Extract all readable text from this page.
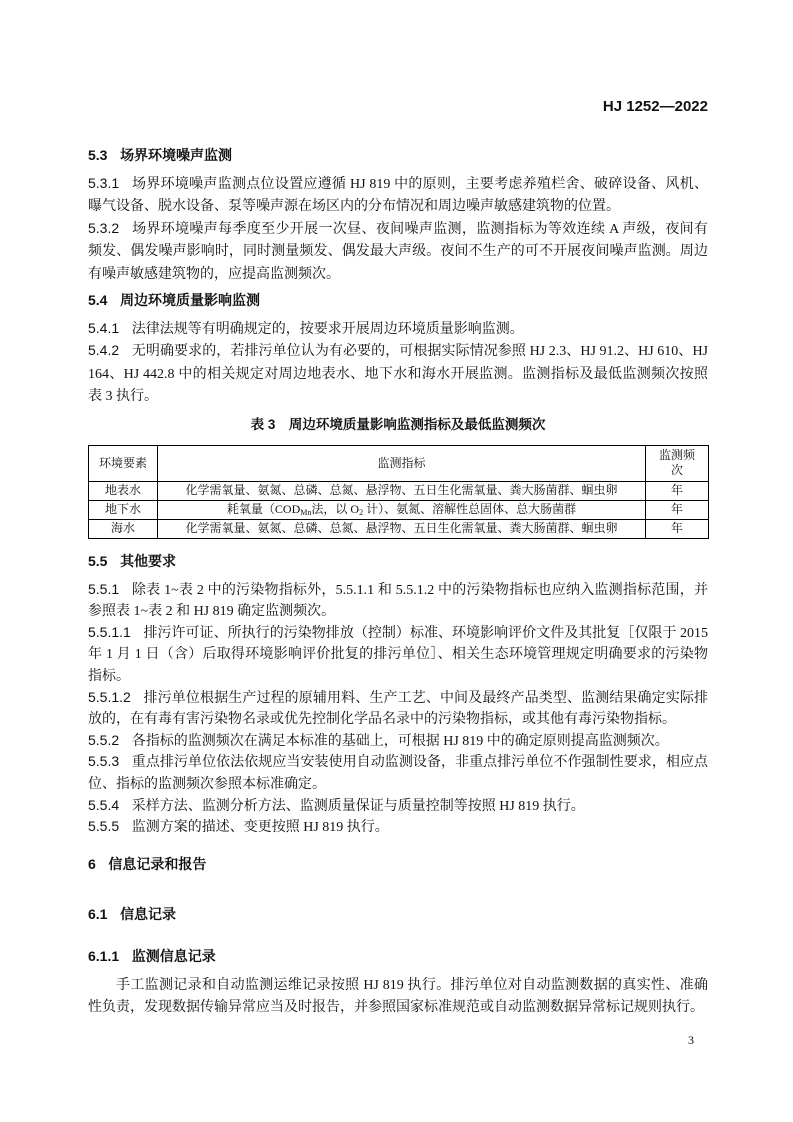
HJ 1252—2022
5.3 场界环境噪声监测
5.3.1 场界环境噪声监测点位设置应遵循 HJ 819 中的原则，主要考虑养殖栏舍、破碎设备、风机、曝气设备、脱水设备、泵等噪声源在场区内的分布情况和周边噪声敏感建筑物的位置。
5.3.2 场界环境噪声每季度至少开展一次昼、夜间噪声监测，监测指标为等效连续 A 声级，夜间有频发、偶发噪声影响时，同时测量频发、偶发最大声级。夜间不生产的可不开展夜间噪声监测。周边有噪声敏感建筑物的，应提高监测频次。
5.4 周边环境质量影响监测
5.4.1 法律法规等有明确规定的，按要求开展周边环境质量影响监测。
5.4.2 无明确要求的，若排污单位认为有必要的，可根据实际情况参照 HJ 2.3、HJ 91.2、HJ 610、HJ 164、HJ 442.8 中的相关规定对周边地表水、地下水和海水开展监测。监测指标及最低监测频次按照表 3 执行。
表 3 周边环境质量影响监测指标及最低监测频次
环境要素	监测指标	监测频次
地表水	化学需氧量、氨氮、总磷、总氮、悬浮物、五日生化需氧量、粪大肠菌群、蛔虫卵	年
地下水	耗氧量（$COD_{Mn}$法，以 $O_2$ 计）、氨氮、溶解性总固体、总大肠菌群	年
海水	化学需氧量、氨氮、总磷、总氮、悬浮物、五日生化需氧量、粪大肠菌群、蛔虫卵	年
5.5 其他要求
5.5.1 除表 1~表 2 中的污染物指标外，5.5.1.1 和 5.5.1.2 中的污染物指标也应纳入监测指标范围，并参照表 1~表 2 和 HJ 819 确定监测频次。
5.5.1.1 排污许可证、所执行的污染物排放（控制）标准、环境影响评价文件及其批复［仅限于 2015 年 1 月 1 日（含）后取得环境影响评价批复的排污单位］、相关生态环境管理规定明确要求的污染物指标。
5.5.1.2 排污单位根据生产过程的原辅用料、生产工艺、中间及最终产品类型、监测结果确定实际排放的，在有毒有害污染物名录或优先控制化学品名录中的污染物指标，或其他有毒污染物指标。
5.5.2 各指标的监测频次在满足本标准的基础上，可根据 HJ 819 中的确定原则提高监测频次。
5.5.3 重点排污单位依法依规应当安装使用自动监测设备，非重点排污单位不作强制性要求，相应点位、指标的监测频次参照本标准确定。
5.5.4 采样方法、监测分析方法、监测质量保证与质量控制等按照 HJ 819 执行。
5.5.5 监测方案的描述、变更按照 HJ 819 执行。
6 信息记录和报告
6.1 信息记录
6.1.1 监测信息记录
手工监测记录和自动监测运维记录按照 HJ 819 执行。排污单位对自动监测数据的真实性、准确性负责，发现数据传输异常应当及时报告，并参照国家标准规范或自动监测数据异常标记规则执行。
3
